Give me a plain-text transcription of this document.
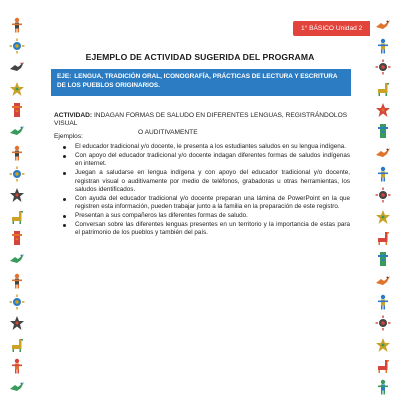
1° BÁSICO Unidad 2
EJEMPLO DE ACTIVIDAD SUGERIDA DEL PROGRAMA
EJE: LENGUA, TRADICIÓN ORAL, ICONOGRAFÍA, PRÁCTICAS DE LECTURA Y ESCRITURA DE LOS PUEBLOS ORIGINARIOS.
ACTIVIDAD: INDAGAN FORMAS DE SALUDO EN DIFERENTES LENGUAS, REGISTRÁNDOLOS VISUAL
O AUDITIVAMENTE
Ejemplos:
El educador tradicional y/o docente, le presenta a los estudiantes saludos en su lengua indígena.
Con apoyo del educador tradicional y/o docente indagan diferentes formas de saludos indígenas en internet.
Juegan a saludarse en lengua indígena y con apoyo del educador tradicional y/o docente, registran visual o auditivamente por medio de teléfonos, grabadoras u otras herramientas, los saludos identificados.
Con ayuda del educador tradicional y/o docente preparan una lámina de PowerPoint en la que registren esta información, pueden trabajar junto a la familia en la preparación de este registro.
Presentan a sus compañeros las diferentes formas de saludo.
Conversan sobre las diferentes lenguas presentes en un territorio y la importancia de estas para el patrimonio de los pueblos y también del país.
